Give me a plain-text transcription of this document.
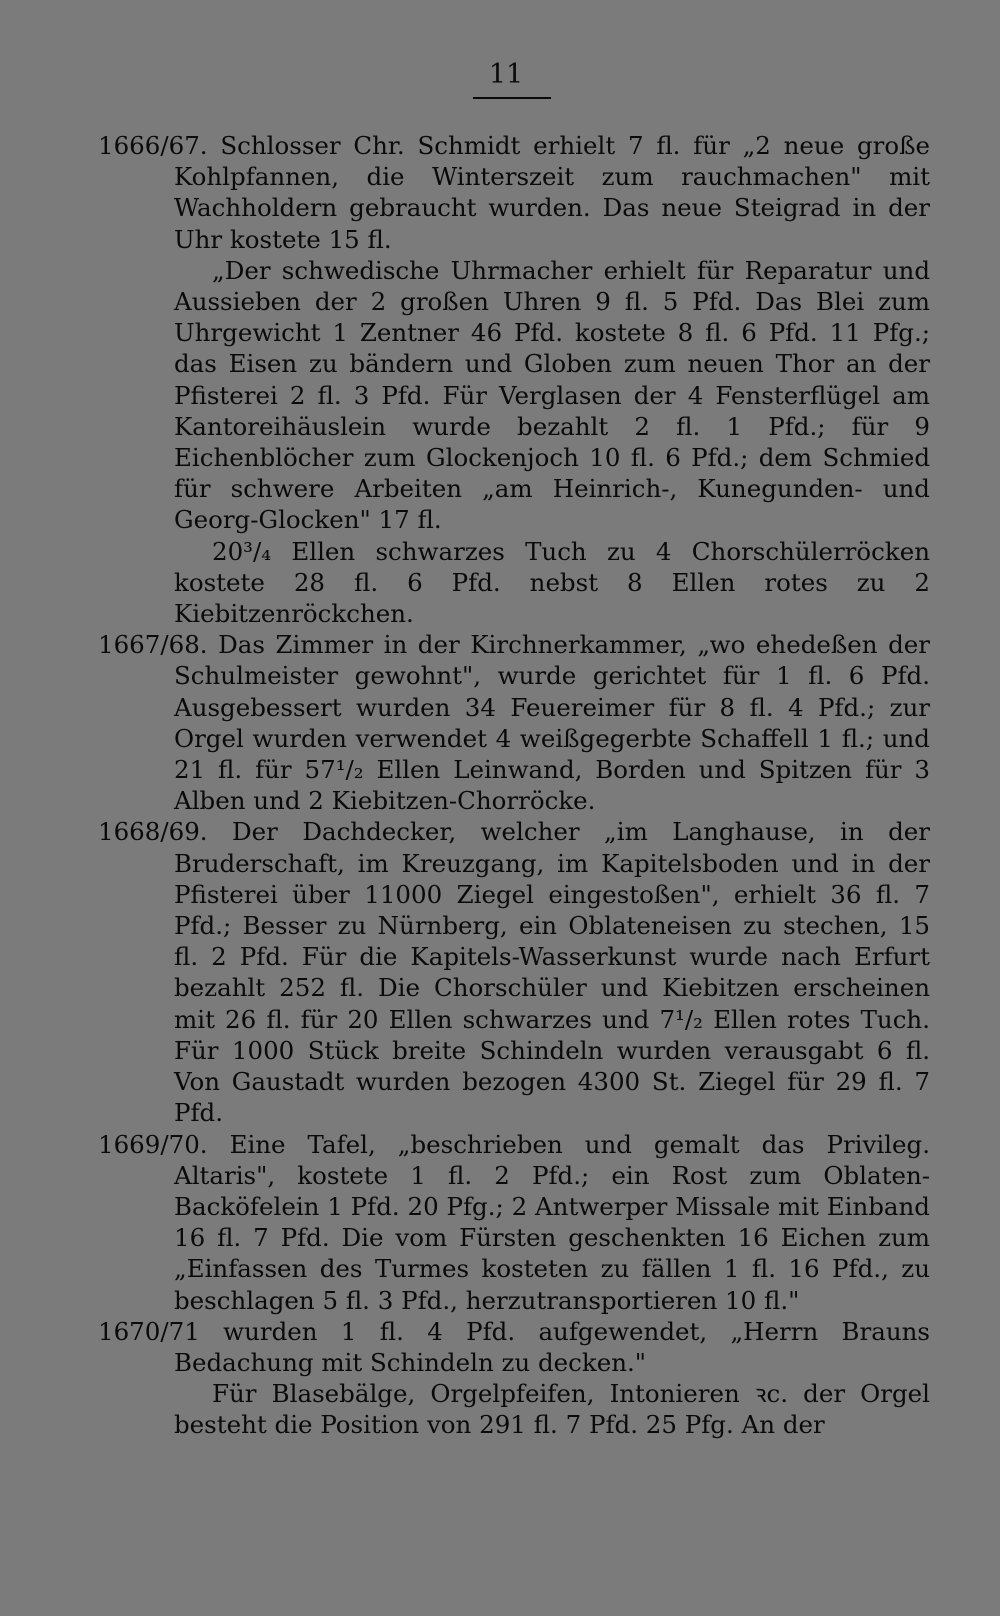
11

1666/67. Schlosser Chr. Schmidt erhielt 7 fl. für „2 neue große Kohlpfannen, die Winterszeit zum rauchmachen" mit Wachholdern gebraucht wurden. Das neue Steigrad in der Uhr kostete 15 fl.

„Der schwedische Uhrmacher erhielt für Reparatur und Aussieben der 2 großen Uhren 9 fl. 5 Pfd. Das Blei zum Uhrgewicht 1 Zentner 46 Pfd. kostete 8 fl. 6 Pfd. 11 Pfg.; das Eisen zu bändern und Globen zum neuen Thor an der Pfisterei 2 fl. 3 Pfd. Für Verglasen der 4 Fensterflügel am Kantoreihäuslein wurde bezahlt 2 fl. 1 Pfd.; für 9 Eichenblöcher zum Glockenjoch 10 fl. 6 Pfd.; dem Schmied für schwere Arbeiten „am Heinrich-, Kunegunden- und Georg-Glocken" 17 fl.

20³/₄ Ellen schwarzes Tuch zu 4 Chorschülerröcken kostete 28 fl. 6 Pfd. nebst 8 Ellen rotes zu 2 Kiebitzenröckchen.

1667/68. Das Zimmer in der Kirchnerkammer, „wo ehedeßen der Schulmeister gewohnt", wurde gerichtet für 1 fl. 6 Pfd. Ausgebessert wurden 34 Feuereimer für 8 fl. 4 Pfd.; zur Orgel wurden verwendet 4 weißgegerbte Schaffell 1 fl.; und 21 fl. für 57¹/₂ Ellen Leinwand, Borden und Spitzen für 3 Alben und 2 Kiebitzen-Chorröcke.

1668/69. Der Dachdecker, welcher „im Langhause, in der Bruderschaft, im Kreuzgang, im Kapitelsboden und in der Pfisterei über 11000 Ziegel eingestoßen", erhielt 36 fl. 7 Pfd.; Besser zu Nürnberg, ein Oblateneisen zu stechen, 15 fl. 2 Pfd. Für die Kapitels-Wasserkunst wurde nach Erfurt bezahlt 252 fl. Die Chorschüler und Kiebitzen erscheinen mit 26 fl. für 20 Ellen schwarzes und 7¹/₂ Ellen rotes Tuch. Für 1000 Stück breite Schindeln wurden verausgabt 6 fl. Von Gaustadt wurden bezogen 4300 St. Ziegel für 29 fl. 7 Pfd.

1669/70. Eine Tafel, „beschrieben und gemalt das Privileg. Altaris", kostete 1 fl. 2 Pfd.; ein Rost zum Oblaten-Backöfelein 1 Pfd. 20 Pfg.; 2 Antwerper Missale mit Einband 16 fl. 7 Pfd. Die vom Fürsten geschenkten 16 Eichen zum „Einfassen des Turmes kosteten zu fällen 1 fl. 16 Pfd., zu beschlagen 5 fl. 3 Pfd., herzutransportieren 10 fl."

1670/71 wurden 1 fl. 4 Pfd. aufgewendet, „Herrn Brauns Bedachung mit Schindeln zu decken."

Für Blasebälge, Orgelpfeifen, Intonieren ꝛc. der Orgel besteht die Position von 291 fl. 7 Pfd. 25 Pfg. An der
